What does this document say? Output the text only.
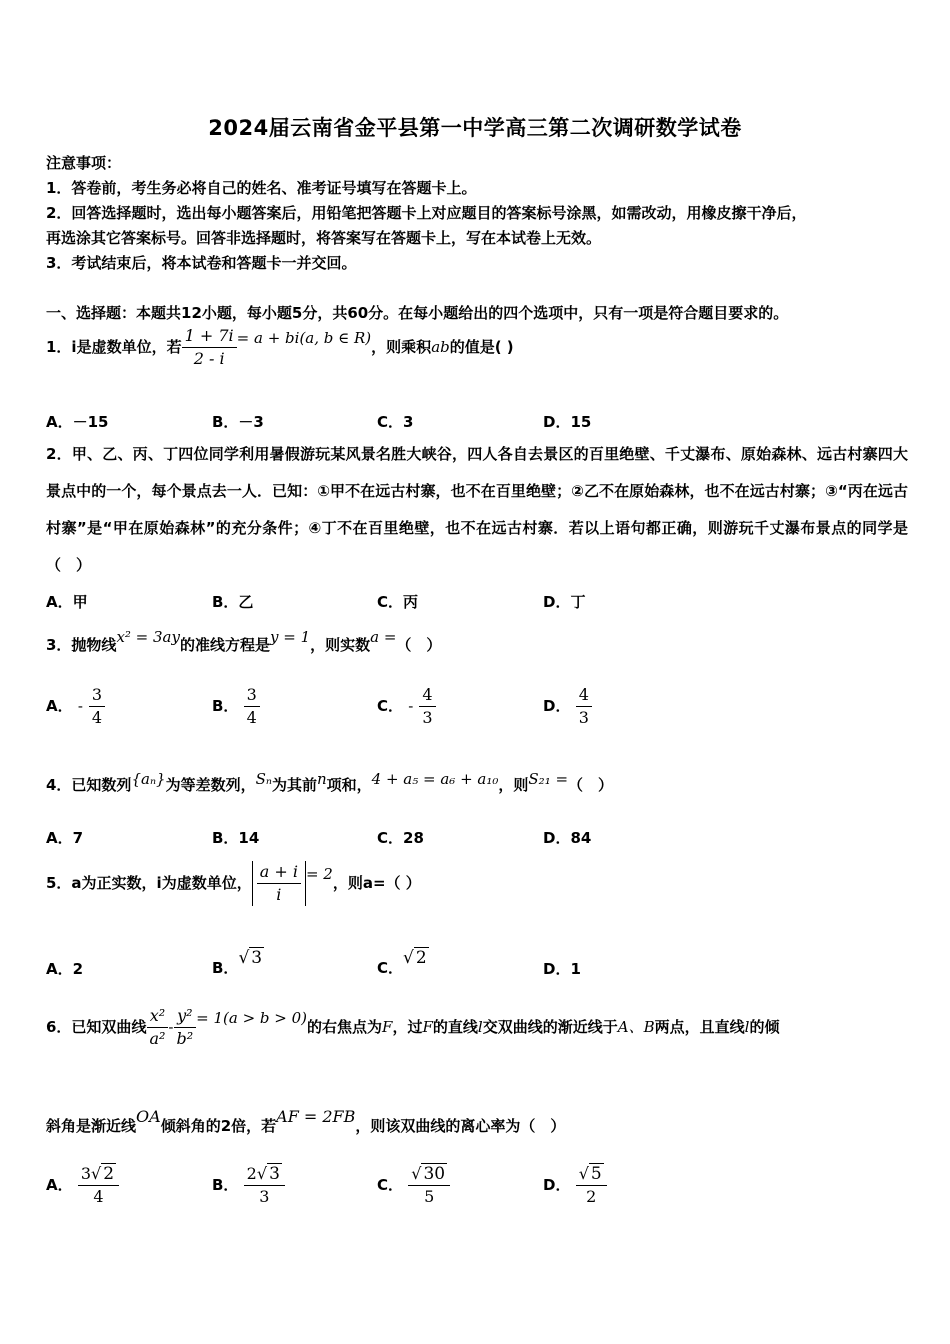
2024届云南省金平县第一中学高三第二次调研数学试卷
注意事项：
1．答卷前，考生务必将自己的姓名、准考证号填写在答题卡上。
2．回答选择题时，选出每小题答案后，用铅笔把答题卡上对应题目的答案标号涂黑，如需改动，用橡皮擦干净后，
再选涂其它答案标号。回答非选择题时，将答案写在答题卡上，写在本试卷上无效。
3．考试结束后，将本试卷和答题卡一并交回。
一、选择题：本题共12小题，每小题5分，共60分。在每小题给出的四个选项中，只有一项是符合题目要求的。
1．i是虚数单位，若 $\frac{1 + 7i}{2 - i} = a + bi(a$, b ∈ R)，则乘积ab的值是( )
A．－15	B．－3	C．3	D．15
2．甲、乙、丙、丁四位同学利用暑假游玩某风景名胜大峡谷，四人各自去景区的百里绝壁、千丈瀑布、原始森林、远古村寨四大景点中的一个，每个景点去一人．已知：①甲不在远古村寨，也不在百里绝壁；②乙不在原始森林，也不在远古村寨；③“丙在远古村寨”是“甲在原始森林”的充分条件；④丁不在百里绝壁，也不在远古村寨．若以上语句都正确，则游玩千丈瀑布景点的同学是（　）
A．甲	B．乙	C．丙	D．丁
3．抛物线x² = 3ay的准线方程是y = 1，则实数a =（　）
A． - $\frac{3}{4}$	B． $\frac{3}{4}$	C． - $\frac{4}{3}$	D． $\frac{4}{3}$
4．已知数列{aₙ}为等差数列，Sₙ为其前n项和，4 + a₅ = a₆ + a₁₀，则S₂₁ =（　）
A．7	B．14	C．28	D．84
5．a为正实数，i为虚数单位， $\frac{a + i}{i} = 2$，则a=（ ）
A．2	B．√ 3	C．√ 2
D．1
6．已知双曲线 $\frac{\text{x²}}{\text{a²}} - \frac{\text{y²}}{\text{b²}} = 1(a > b > 0)$的右焦点为F，过F的直线l交双曲线的渐近线于A、B两点，且直线l的倾
斜角是渐近线OA倾斜角的2倍，若AF = 2FB，则该双曲线的离心率为（　）
A． $\frac{3√ 2}{4}$	B． $\frac{2√ 3}{3}$	C． $\frac{√ 30}{5}$	D． $\frac{√ 5}{2}$
